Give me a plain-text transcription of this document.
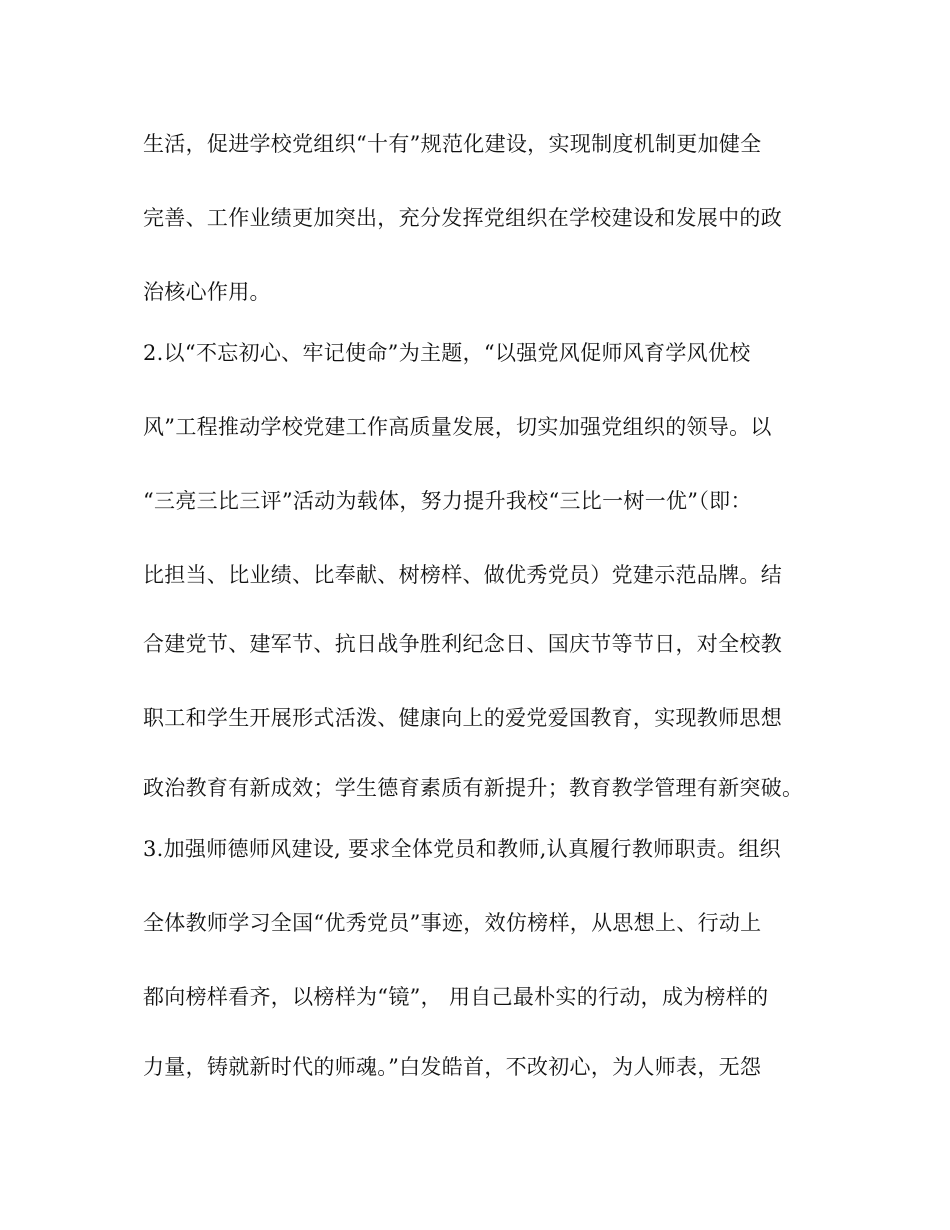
生活，促进学校党组织“十有”规范化建设，实现制度机制更加健全
完善、工作业绩更加突出，充分发挥党组织在学校建设和发展中的政
治核心作用。
2.以“不忘初心、牢记使命”为主题，“以强党风促师风育学风优校
风”工程推动学校党建工作高质量发展，切实加强党组织的领导。以
“三亮三比三评”活动为载体，努力提升我校“三比一树一优”（即：
比担当、比业绩、比奉献、树榜样、做优秀党员）党建示范品牌。结
合建党节、建军节、抗日战争胜利纪念日、国庆节等节日，对全校教
职工和学生开展形式活泼、健康向上的爱党爱国教育，实现教师思想
政治教育有新成效；学生德育素质有新提升；教育教学管理有新突破。
3.加强师德师风建设, 要求全体党员和教师,认真履行教师职责。组织
全体教师学习全国“优秀党员”事迹，效仿榜样，从思想上、行动上
都向榜样看齐，以榜样为“镜”， 用自己最朴实的行动，成为榜样的
力量，铸就新时代的师魂。”白发皓首，不改初心，为人师表，无怨
